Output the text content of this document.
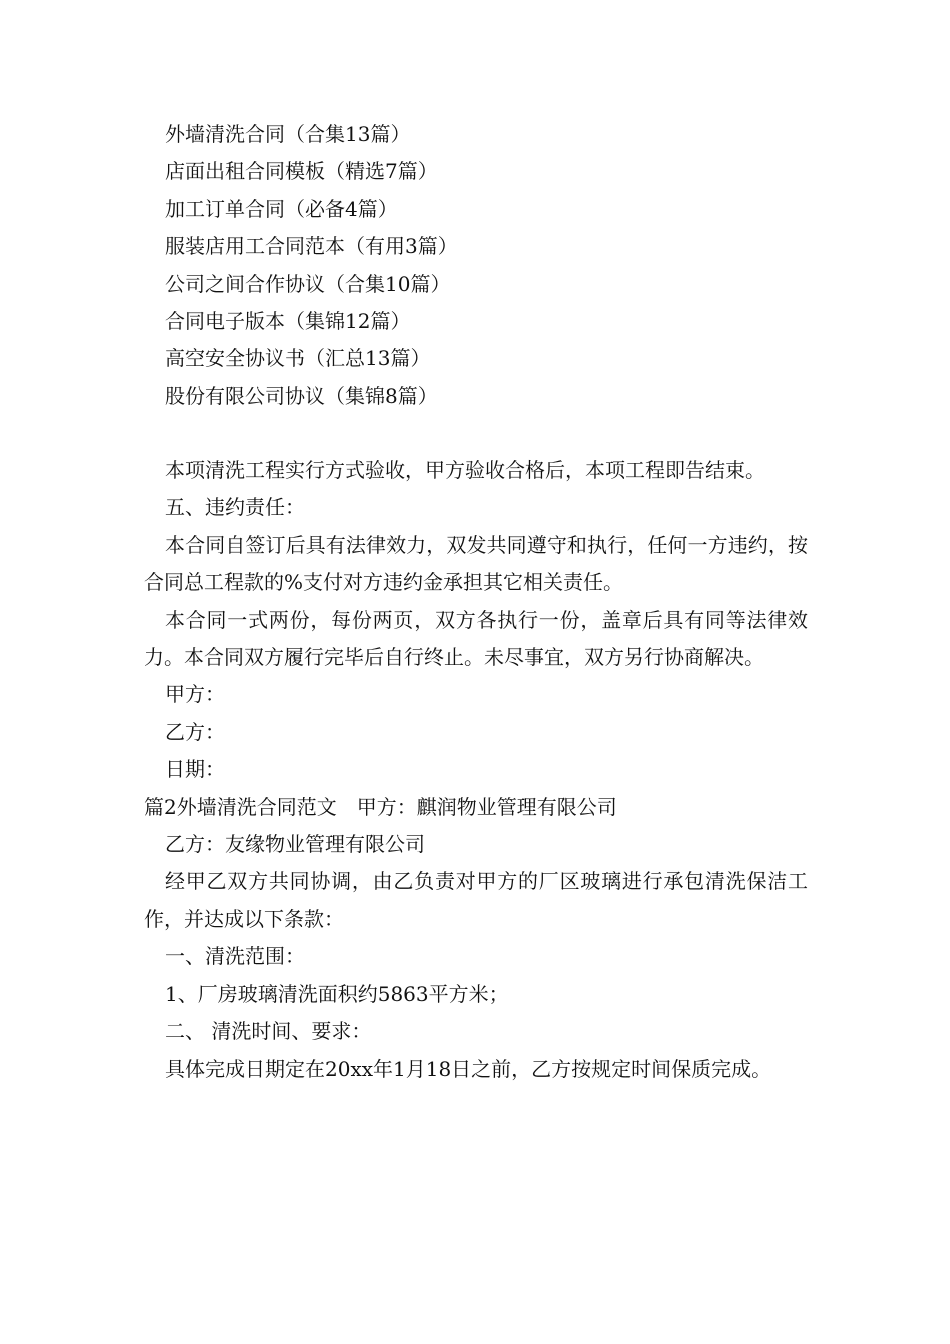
外墙清洗合同（合集13篇）
店面出租合同模板（精选7篇）
加工订单合同（必备4篇）
服装店用工合同范本（有用3篇）
公司之间合作协议（合集10篇）
合同电子版本（集锦12篇）
高空安全协议书（汇总13篇）
股份有限公司协议（集锦8篇）

本项清洗工程实行方式验收，甲方验收合格后，本项工程即告结束。

五、违约责任：

本合同自签订后具有法律效力，双发共同遵守和执行，任何一方违约，按合同总工程款的%支付对方违约金承担其它相关责任。

本合同一式两份，每份两页，双方各执行一份，盖章后具有同等法律效力。本合同双方履行完毕后自行终止。未尽事宜，双方另行协商解决。

甲方：

乙方：

日期：

篇2外墙清洗合同范文　甲方：麒润物业管理有限公司

乙方：友缘物业管理有限公司

经甲乙双方共同协调，由乙负责对甲方的厂区玻璃进行承包清洗保洁工作，并达成以下条款：

一、清洗范围：

1、厂房玻璃清洗面积约5863平方米；

二、 清洗时间、要求：

具体完成日期定在20xx年1月18日之前，乙方按规定时间保质完成。
